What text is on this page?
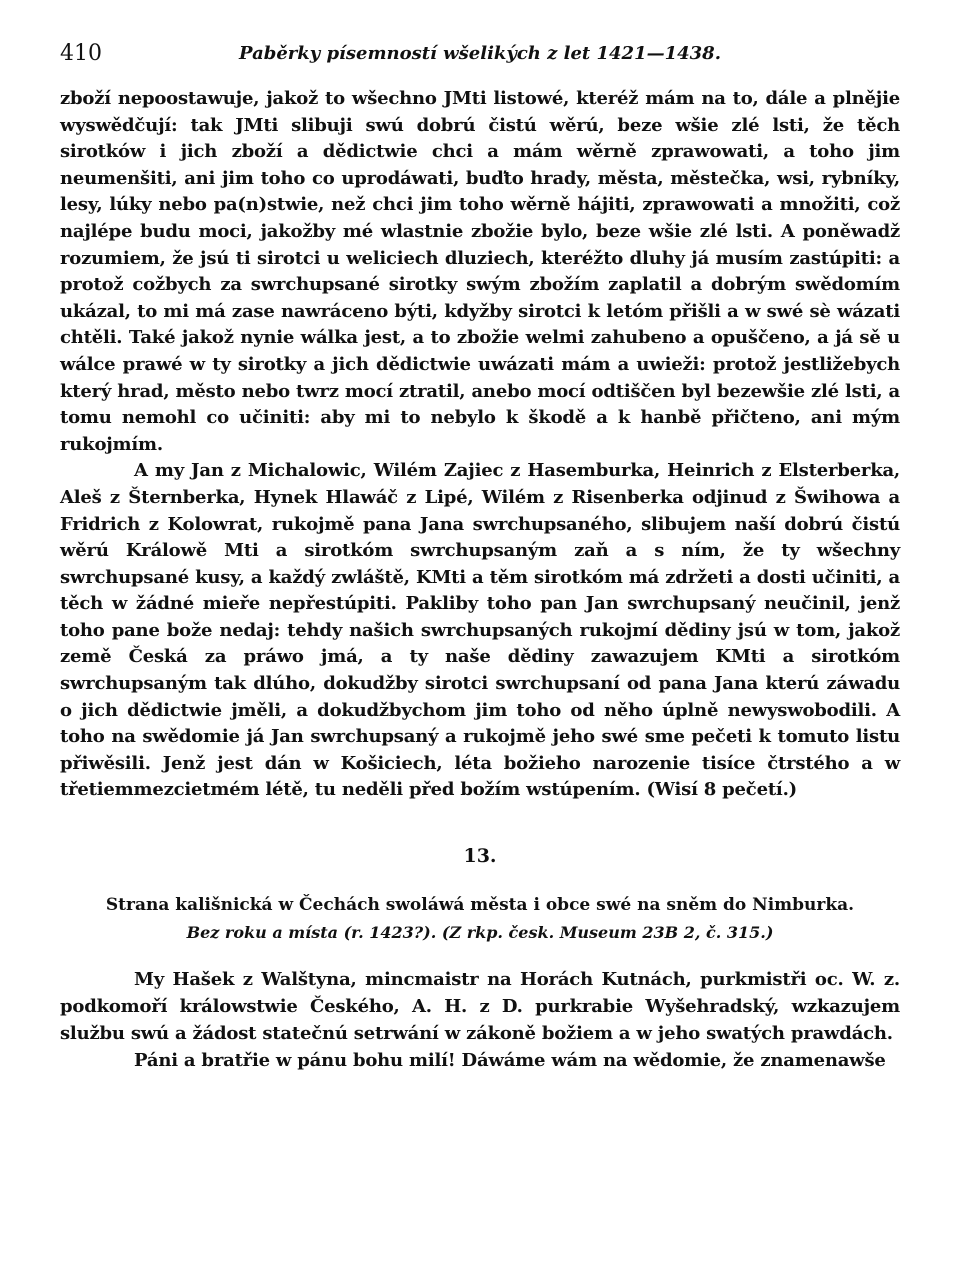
410	Paběrky písemností wšelikých z let 1421—1438.

zboží nepoostawuje, jakož to wšechno JMti listowé, kteréž mám na to, dále a plnějie wyswědčují: tak JMti slibuji swú dobrú čistú wěrú, beze wšie zlé lsti, že těch sirotków i jich zboží a dědictwie chci a mám wěrně zprawowati, a toho jim neumenšiti, ani jim toho co uprodáwati, buďto hrady, města, městečka, wsi, rybníky, lesy, lúky nebo pa(n)stwie, než chci jim toho wěrně hájiti, zprawowati a množiti, což najlépe budu moci, jakožby mé wlastnie zbožie bylo, beze wšie zlé lsti. A poněwadž rozumiem, že jsú ti sirotci u weliciech dluziech, kteréžto dluhy já musím zastúpiti: a protož cožbych za swrchupsané sirotky swým zbožím zaplatil a dobrým swědomím ukázal, to mi má zase nawráceno býti, kdyžby sirotci k letóm přišli a w swé sè wázati chtěli. Také jakož nynie wálka jest, a to zbožie welmi zahubeno a opuščeno, a já sě u wálce prawé w ty sirotky a jich dědictwie uwázati mám a uwieži: protož jestližebych který hrad, město nebo twrz mocí ztratil, anebo mocí odtiščen byl bezewšie zlé lsti, a tomu nemohl co učiniti: aby mi to nebylo k škodě a k hanbě přičteno, ani mým rukojmím.

A my Jan z Michalowic, Wilém Zajiec z Hasemburka, Heinrich z Elsterberka, Aleš z Šternberka, Hynek Hlawáč z Lipé, Wilém z Risenberka odjinud z Šwihowa a Fridrich z Kolowrat, rukojmě pana Jana swrchupsaného, slibujem naší dobrú čistú wěrú Králowě Mti a sirotkóm swrchupsaným zaň a s ním, že ty wšechny swrchupsané kusy, a každý zwláště, KMti a těm sirotkóm má zdržeti a dosti učiniti, a těch w žádné mieře nepřestúpiti. Pakliby toho pan Jan swrchupsaný neučinil, jenž toho pane bože nedaj: tehdy našich swrchupsaných rukojmí dědiny jsú w tom, jakož země Česká za práwo jmá, a ty naše dědiny zawazujem KMti a sirotkóm swrchupsaným tak dlúho, dokudžby sirotci swrchupsaní od pana Jana kterú záwadu o jich dědictwie jměli, a dokudžbychom jim toho od něho úplně newyswobodili. A toho na swědomie já Jan swrchupsaný a rukojmě jeho swé sme pečeti k tomuto listu přiwěsili. Jenž jest dán w Košiciech, léta božieho narozenie tisíce čtrstého a w třetiemmezcietmém létě, tu neděli před božím wstúpením. (Wisí 8 pečetí.)

13.
Strana kališnická w Čechách swoláwá města i obce swé na sněm do Nimburka.
Bez roku a místa (r. 1423?). (Z rkp. česk. Museum 23B 2, č. 315.)

My Hašek z Walštyna, mincmaistr na Horách Kutnách, purkmistři oc. W. z. podkomoří králowstwie Českého, A. H. z D. purkrabie Wyšehradský, wzkazujem službu swú a žádost statečnú setrwání w zákoně božiem a w jeho swatých prawdách.

Páni a bratřie w pánu bohu milí! Dáwáme wám na wědomie, že znamenawše
